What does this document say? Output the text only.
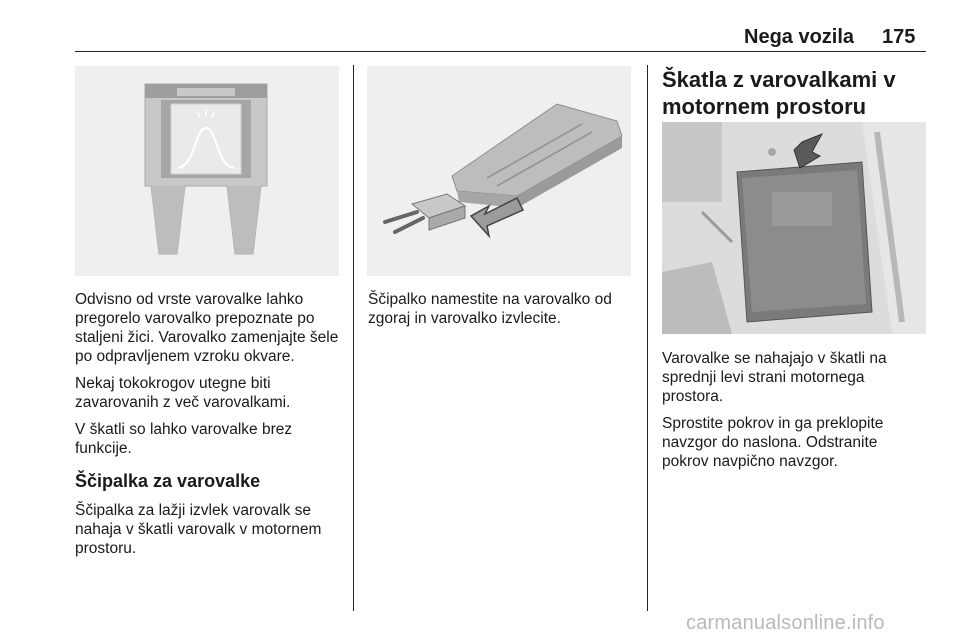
Nega vozila 175

Odvisno od vrste varovalke lahko pregorelo varovalko prepoznate po staljeni žici. Varovalko zamenjajte šele po odpravljenem vzroku okvare.

Nekaj tokokrogov utegne biti zavarovanih z več varovalkami.

V škatli so lahko varovalke brez funkcije.

Ščipalka za varovalke

Ščipalka za lažji izvlek varovalk se nahaja v škatli varovalk v motornem prostoru.

Ščipalko namestite na varovalko od zgoraj in varovalko izvlecite.

Škatla z varovalkami v motornem prostoru

Varovalke se nahajajo v škatli na sprednji levi strani motornega prostora.

Sprostite pokrov in ga preklopite navzgor do naslona. Odstranite pokrov navpično navzgor.

carmanualsonline.info
